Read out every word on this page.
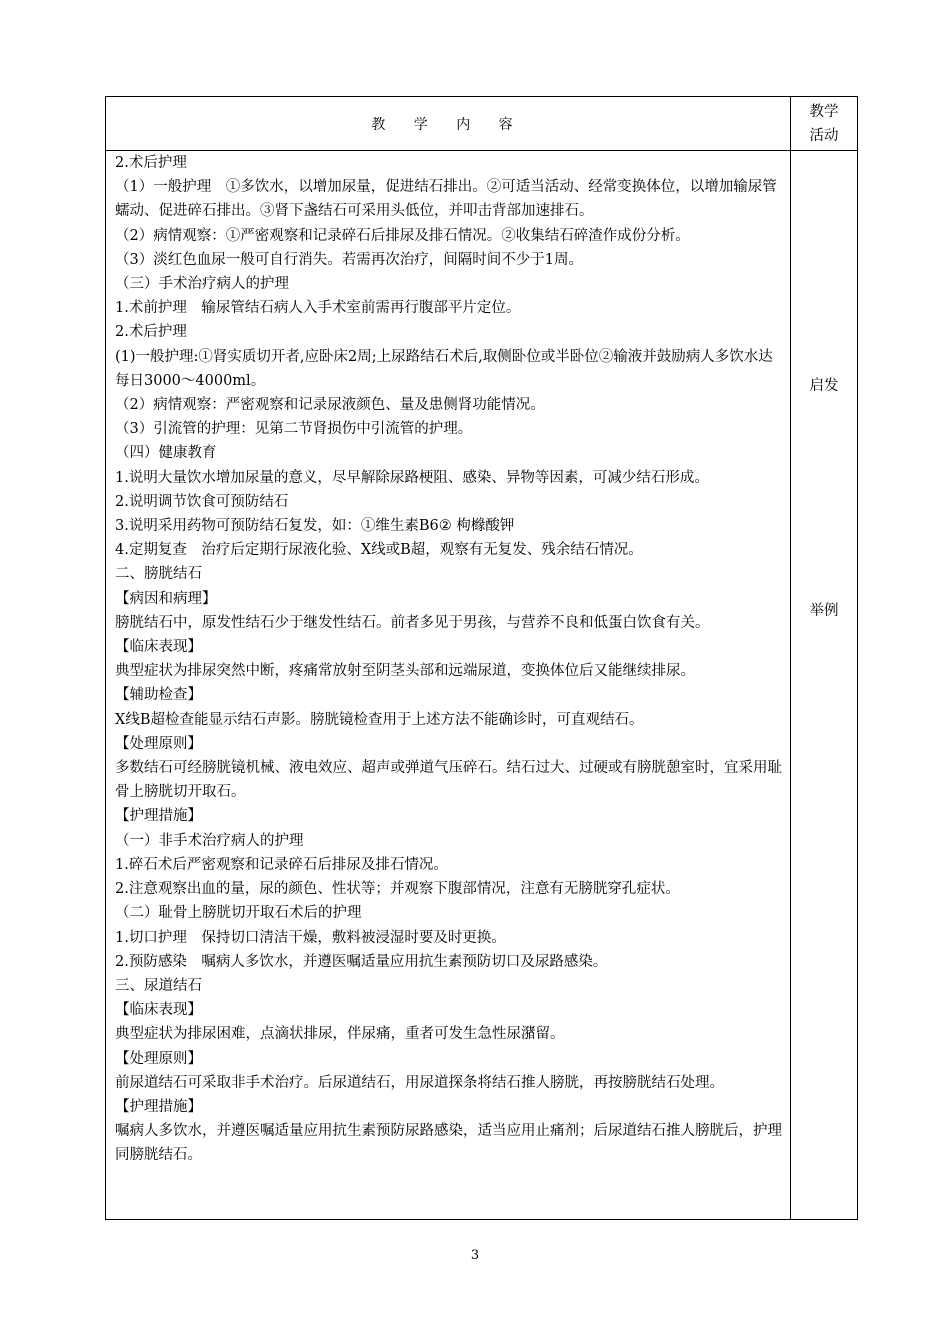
教 学 内 容
教学
活动

2.术后护理

（1）一般护理　①多饮水，以增加尿量，促进结石排出。②可适当活动、经常变换体位，以增加输尿管蠕动、促进碎石排出。③肾下盏结石可采用头低位，并叩击背部加速排石。

（2）病情观察：①严密观察和记录碎石后排尿及排石情况。②收集结石碎渣作成份分析。

（3）淡红色血尿一般可自行消失。若需再次治疗，间隔时间不少于1周。

（三）手术治疗病人的护理

1.术前护理　输尿管结石病人入手术室前需再行腹部平片定位。

2.术后护理

(1)一般护理:①肾实质切开者,应卧床2周;上尿路结石术后,取侧卧位或半卧位②输液并鼓励病人多饮水达每日3000～4000ml。

（2）病情观察：严密观察和记录尿液颜色、量及患侧肾功能情况。

（3）引流管的护理：见第二节肾损伤中引流管的护理。

（四）健康教育

1.说明大量饮水增加尿量的意义，尽早解除尿路梗阻、感染、异物等因素，可减少结石形成。

2.说明调节饮食可预防结石

3.说明采用药物可预防结石复发，如：①维生素B6② 枸橼酸钾

4.定期复查　治疗后定期行尿液化验、X线或B超，观察有无复发、残余结石情况。

二、膀胱结石

【病因和病理】

膀胱结石中，原发性结石少于继发性结石。前者多见于男孩，与营养不良和低蛋白饮食有关。

【临床表现】

典型症状为排尿突然中断，疼痛常放射至阴茎头部和远端尿道，变换体位后又能继续排尿。

【辅助检查】

X线B超检查能显示结石声影。膀胱镜检查用于上述方法不能确诊时，可直观结石。

【处理原则】

多数结石可经膀胱镜机械、液电效应、超声或弹道气压碎石。结石过大、过硬或有膀胱憩室时，宜采用耻骨上膀胱切开取石。

【护理措施】

（一）非手术治疗病人的护理

1.碎石术后严密观察和记录碎石后排尿及排石情况。

2.注意观察出血的量，尿的颜色、性状等；并观察下腹部情况，注意有无膀胱穿孔症状。

（二）耻骨上膀胱切开取石术后的护理

1.切口护理　保持切口清洁干燥，敷料被浸湿时要及时更换。

2.预防感染　嘱病人多饮水，并遵医嘱适量应用抗生素预防切口及尿路感染。

三、尿道结石

【临床表现】

典型症状为排尿困难，点滴状排尿，伴尿痛，重者可发生急性尿潴留。

【处理原则】

前尿道结石可采取非手术治疗。后尿道结石，用尿道探条将结石推人膀胱，再按膀胱结石处理。

【护理措施】

嘱病人多饮水，并遵医嘱适量应用抗生素预防尿路感染，适当应用止痛剂；后尿道结石推人膀胱后，护理同膀胱结石。

启发
举例
3
